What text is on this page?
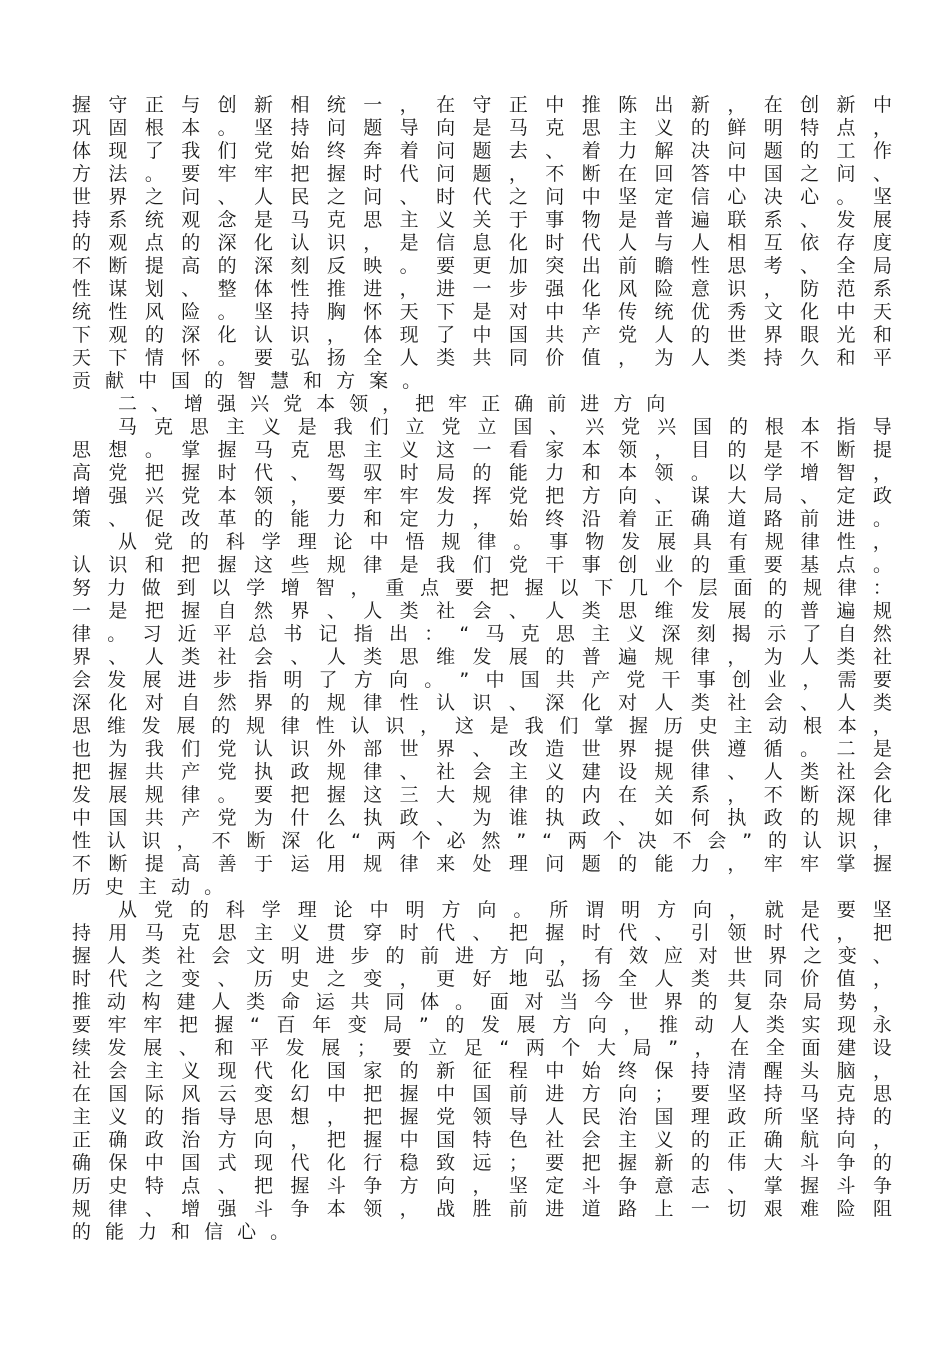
握 守 正 与 创 新 相 统 一 ， 在 守 正 中 推 陈 出 新 ， 在 创 新 中
巩 固 根 本 。 坚 持 问 题 导 向 是 马 克 思 主 义 的 鲜 明 特 点 ，
体 现 了 我 们 党 始 终 奔 着 问 题 去 、 着 力 解 决 问 题 的 工 作
方 法 。 要 牢 牢 把 握 时 代 问 题 ， 不 断 在 回 答 中 国 之 问 、
世 界 之 问 、 人 民 之 问 、 时 代 之 问 中 坚 定 信 心 决 心 。 坚
持 系 统 观 念 是 马 克 思 主 义 关 于 事 物 是 普 遍 联 系 、 发 展
的 观 点 的 深 化 认 识 ， 是 信 息 化 时 代 人 与 人 相 互 依 存 度
不 断 提 高 的 深 刻 反 映 。 要 更 加 突 出 前 瞻 性 思 考 、 全 局
性 谋 划 、 整 体 性 推 进 ， 进 一 步 强 化 风 险 意 识 ， 防 范 系
统 性 风 险 。 坚 持 胸 怀 天 下 是 对 中 华 传 统 优 秀 文 化 中 天
下 观 的 深 化 认 识 ， 体 现 了 中 国 共 产 党 人 的 世 界 眼 光 和
天 下 情 怀 。 要 弘 扬 全 人 类 共 同 价 值 ， 为 人 类 持 久 和 平
贡 献 中 国 的 智 慧 和 方 案 。
二 、 增 强 兴 党 本 领 ， 把 牢 正 确 前 进 方 向
马 克 思 主 义 是 我 们 立 党 立 国 、 兴 党 兴 国 的 根 本 指 导
思 想 。 掌 握 马 克 思 主 义 这 一 看 家 本 领 ， 目 的 是 不 断 提
高 党 把 握 时 代 、 驾 驭 时 局 的 能 力 和 本 领 。 以 学 增 智 ，
增 强 兴 党 本 领 ， 要 牢 牢 发 挥 党 把 方 向 、 谋 大 局 、 定 政
策 、 促 改 革 的 能 力 和 定 力 ， 始 终 沿 着 正 确 道 路 前 进 。
从 党 的 科 学 理 论 中 悟 规 律 。 事 物 发 展 具 有 规 律 性 ，
认 识 和 把 握 这 些 规 律 是 我 们 党 干 事 创 业 的 重 要 基 点 。
努 力 做 到 以 学 增 智 ， 重 点 要 把 握 以 下 几 个 层 面 的 规 律 ：
一 是 把 握 自 然 界 、 人 类 社 会 、 人 类 思 维 发 展 的 普 遍 规
律 。 习 近 平 总 书 记 指 出 ： “ 马 克 思 主 义 深 刻 揭 示 了 自 然
界 、 人 类 社 会 、 人 类 思 维 发 展 的 普 遍 规 律 ， 为 人 类 社
会 发 展 进 步 指 明 了 方 向 。 ” 中 国 共 产 党 干 事 创 业 ， 需 要
深 化 对 自 然 界 的 规 律 性 认 识 、 深 化 对 人 类 社 会 、 人 类
思 维 发 展 的 规 律 性 认 识 ， 这 是 我 们 掌 握 历 史 主 动 根 本 ，
也 为 我 们 党 认 识 外 部 世 界 、 改 造 世 界 提 供 遵 循 。 二 是
把 握 共 产 党 执 政 规 律 、 社 会 主 义 建 设 规 律 、 人 类 社 会
发 展 规 律 。 要 把 握 这 三 大 规 律 的 内 在 关 系 ， 不 断 深 化
中 国 共 产 党 为 什 么 执 政 、 为 谁 执 政 、 如 何 执 政 的 规 律
性 认 识 ， 不 断 深 化 “ 两 个 必 然 ” “ 两 个 决 不 会 ” 的 认 识 ，
不 断 提 高 善 于 运 用 规 律 来 处 理 问 题 的 能 力 ， 牢 牢 掌 握
历 史 主 动 。
从 党 的 科 学 理 论 中 明 方 向 。 所 谓 明 方 向 ， 就 是 要 坚
持 用 马 克 思 主 义 贯 穿 时 代 、 把 握 时 代 、 引 领 时 代 ， 把
握 人 类 社 会 文 明 进 步 的 前 进 方 向 ， 有 效 应 对 世 界 之 变 、
时 代 之 变 、 历 史 之 变 ， 更 好 地 弘 扬 全 人 类 共 同 价 值 ，
推 动 构 建 人 类 命 运 共 同 体 。 面 对 当 今 世 界 的 复 杂 局 势 ，
要 牢 牢 把 握 “ 百 年 变 局 ” 的 发 展 方 向 ， 推 动 人 类 实 现 永
续 发 展 、 和 平 发 展 ； 要 立 足 “ 两 个 大 局 ” ， 在 全 面 建 设
社 会 主 义 现 代 化 国 家 的 新 征 程 中 始 终 保 持 清 醒 头 脑 ，
在 国 际 风 云 变 幻 中 把 握 中 国 前 进 方 向 ； 要 坚 持 马 克 思
主 义 的 指 导 思 想 ， 把 握 党 领 导 人 民 治 国 理 政 所 坚 持 的
正 确 政 治 方 向 ， 把 握 中 国 特 色 社 会 主 义 的 正 确 航 向 ，
确 保 中 国 式 现 代 化 行 稳 致 远 ； 要 把 握 新 的 伟 大 斗 争 的
历 史 特 点 、 把 握 斗 争 方 向 ， 坚 定 斗 争 意 志 、 掌 握 斗 争
规 律 、 增 强 斗 争 本 领 ， 战 胜 前 进 道 路 上 一 切 艰 难 险 阻
的 能 力 和 信 心 。
